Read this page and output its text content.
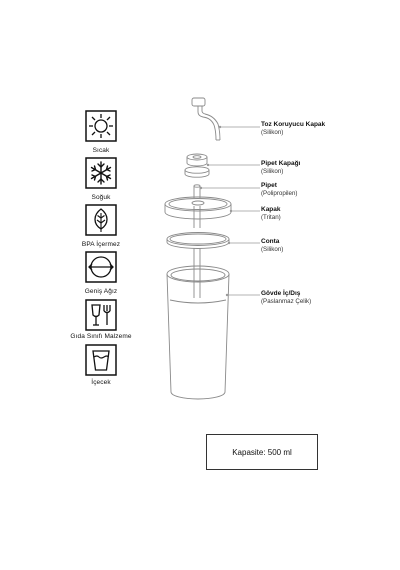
Sıcak
Soğuk
BPA İçermez
Geniş Ağız
Gıda Sınıfı Malzeme
İçecek
Toz Koruyucu Kapak
(Silikon)
Pipet Kapağı
(Silikon)
Pipet
(Polipropilen)
Kapak
(Tritan)
Conta
(Silikon)
Gövde İç/Dış
(Paslanmaz Çelik)
Kapasite: 500 ml
